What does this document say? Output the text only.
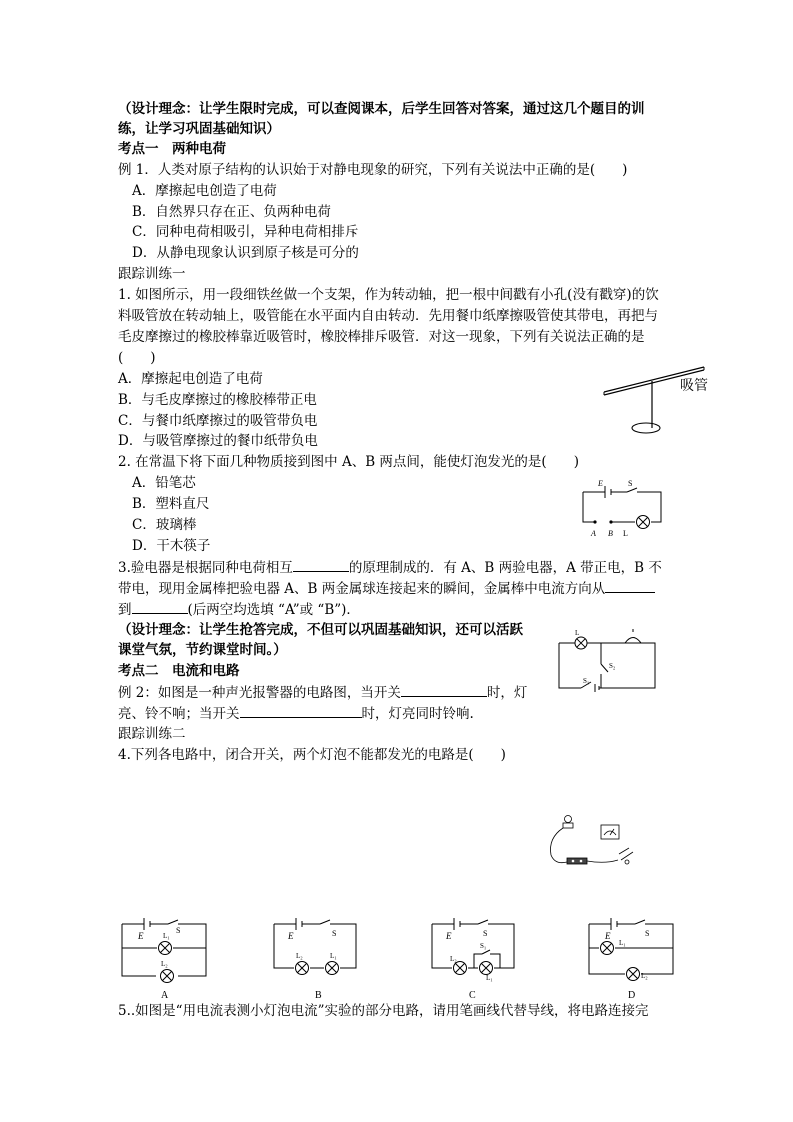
（设计理念：让学生限时完成，可以查阅课本，后学生回答对答案，通过这几个题目的训
练，让学习巩固基础知识）
考点一　两种电荷
例 1．人类对原子结构的认识始于对静电现象的研究，下列有关说法中正确的是(　　)
A．摩擦起电创造了电荷
B．自然界只存在正、负两种电荷
C．同种电荷相吸引，异种电荷相排斥
D．从静电现象认识到原子核是可分的
跟踪训练一
1. 如图所示，用一段细铁丝做一个支架，作为转动轴，把一根中间戳有小孔(没有戳穿)的饮
料吸管放在转动轴上，吸管能在水平面内自由转动．先用餐巾纸摩擦吸管使其带电，再把与
毛皮摩擦过的橡胶棒靠近吸管时，橡胶棒排斥吸管．对这一现象，下列有关说法正确的是
(　　)
A．摩擦起电创造了电荷
B．与毛皮摩擦过的橡胶棒带正电
C．与餐巾纸摩擦过的吸管带负电
D．与吸管摩擦过的餐巾纸带负电
吸管
2. 在常温下将下面几种物质接到图中 A、B 两点间，能使灯泡发光的是(　　)
A．铅笔芯
B．塑料直尺
C．玻璃棒
D．干木筷子
E	S
A B L
3.验电器是根据同种电荷相互	的原理制成的．有 A、B 两验电器，A 带正电，B 不
带电，现用金属棒把验电器 A、B 两金属球连接起来的瞬间，金属棒中电流方向从
到	(后两空均选填 “A”或 “B”)．
（设计理念：让学生抢答完成，不但可以巩固基础知识，还可以活跃
课堂气氛，节约课堂时间。）
考点二　电流和电路
例 2：如图是一种声光报警器的电路图，当开关	时，灯
亮、铃不响；当开关	时，灯亮同时铃响.
L
S₁
S₂
跟踪训练二
4.下列各电路中，闭合开关，两个灯泡不能都发光的电路是(　　)
E
S
L₁
L₂
A
E	S
L₂	L₁
B
E	S
S₁
L₂
L₁
C
E	S
L₁
L₂
D
5..如图是“用电流表测小灯泡电流”实验的部分电路，请用笔画线代替导线，将电路连接完
